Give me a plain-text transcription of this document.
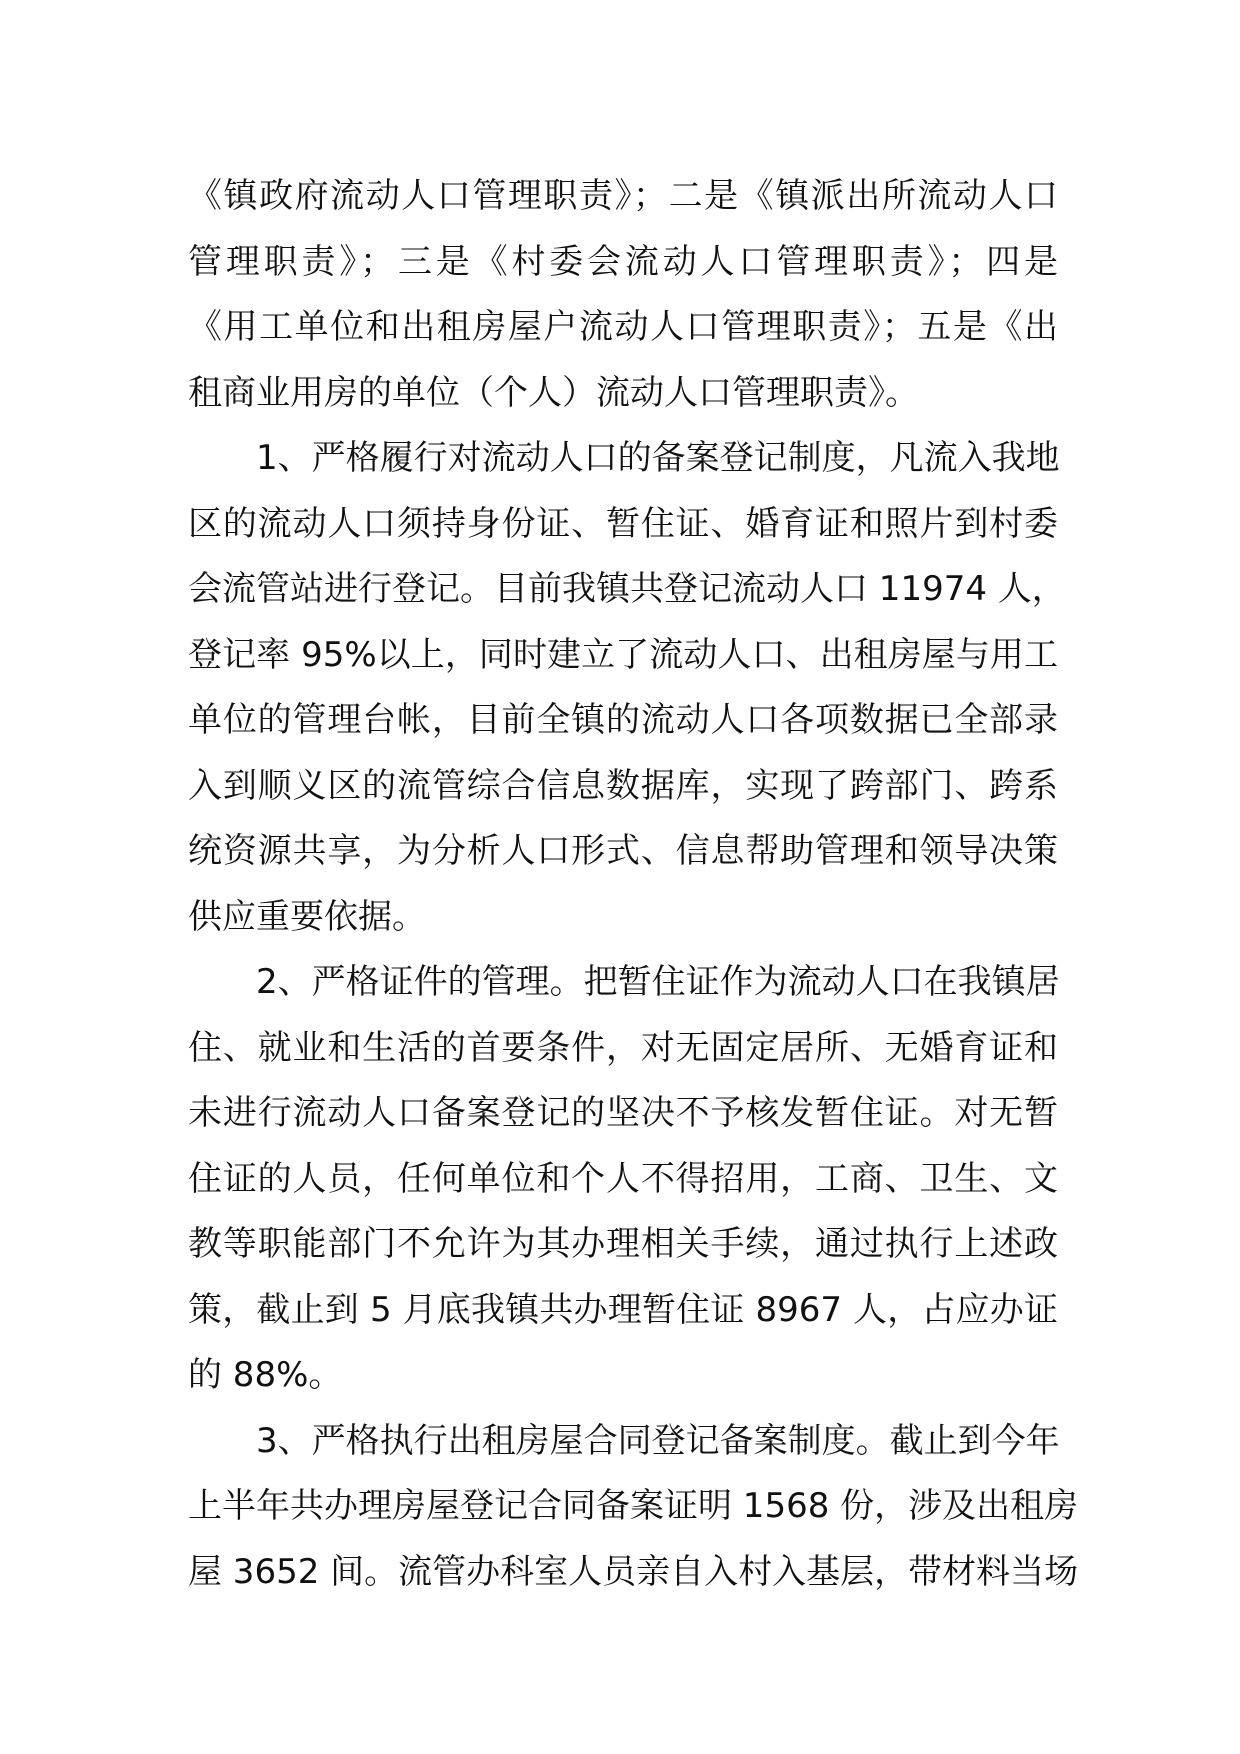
《镇政府流动人口管理职责》；二是《镇派出所流动人口
管理职责》；三是《村委会流动人口管理职责》；四是
《用工单位和出租房屋户流动人口管理职责》；五是《出
租商业用房的单位（个人）流动人口管理职责》。
1、严格履行对流动人口的备案登记制度，凡流入我地
区的流动人口须持身份证、暂住证、婚育证和照片到村委
会流管站进行登记。目前我镇共登记流动人口 11974 人，
登记率 95%以上，同时建立了流动人口、出租房屋与用工
单位的管理台帐，目前全镇的流动人口各项数据已全部录
入到顺义区的流管综合信息数据库，实现了跨部门、跨系
统资源共享，为分析人口形式、信息帮助管理和领导决策
供应重要依据。
2、严格证件的管理。把暂住证作为流动人口在我镇居
住、就业和生活的首要条件，对无固定居所、无婚育证和
未进行流动人口备案登记的坚决不予核发暂住证。对无暂
住证的人员，任何单位和个人不得招用，工商、卫生、文
教等职能部门不允许为其办理相关手续，通过执行上述政
策，截止到 5 月底我镇共办理暂住证 8967 人，占应办证
的 88%。
3、严格执行出租房屋合同登记备案制度。截止到今年
上半年共办理房屋登记合同备案证明 1568 份，涉及出租房
屋 3652 间。流管办科室人员亲自入村入基层，带材料当场
